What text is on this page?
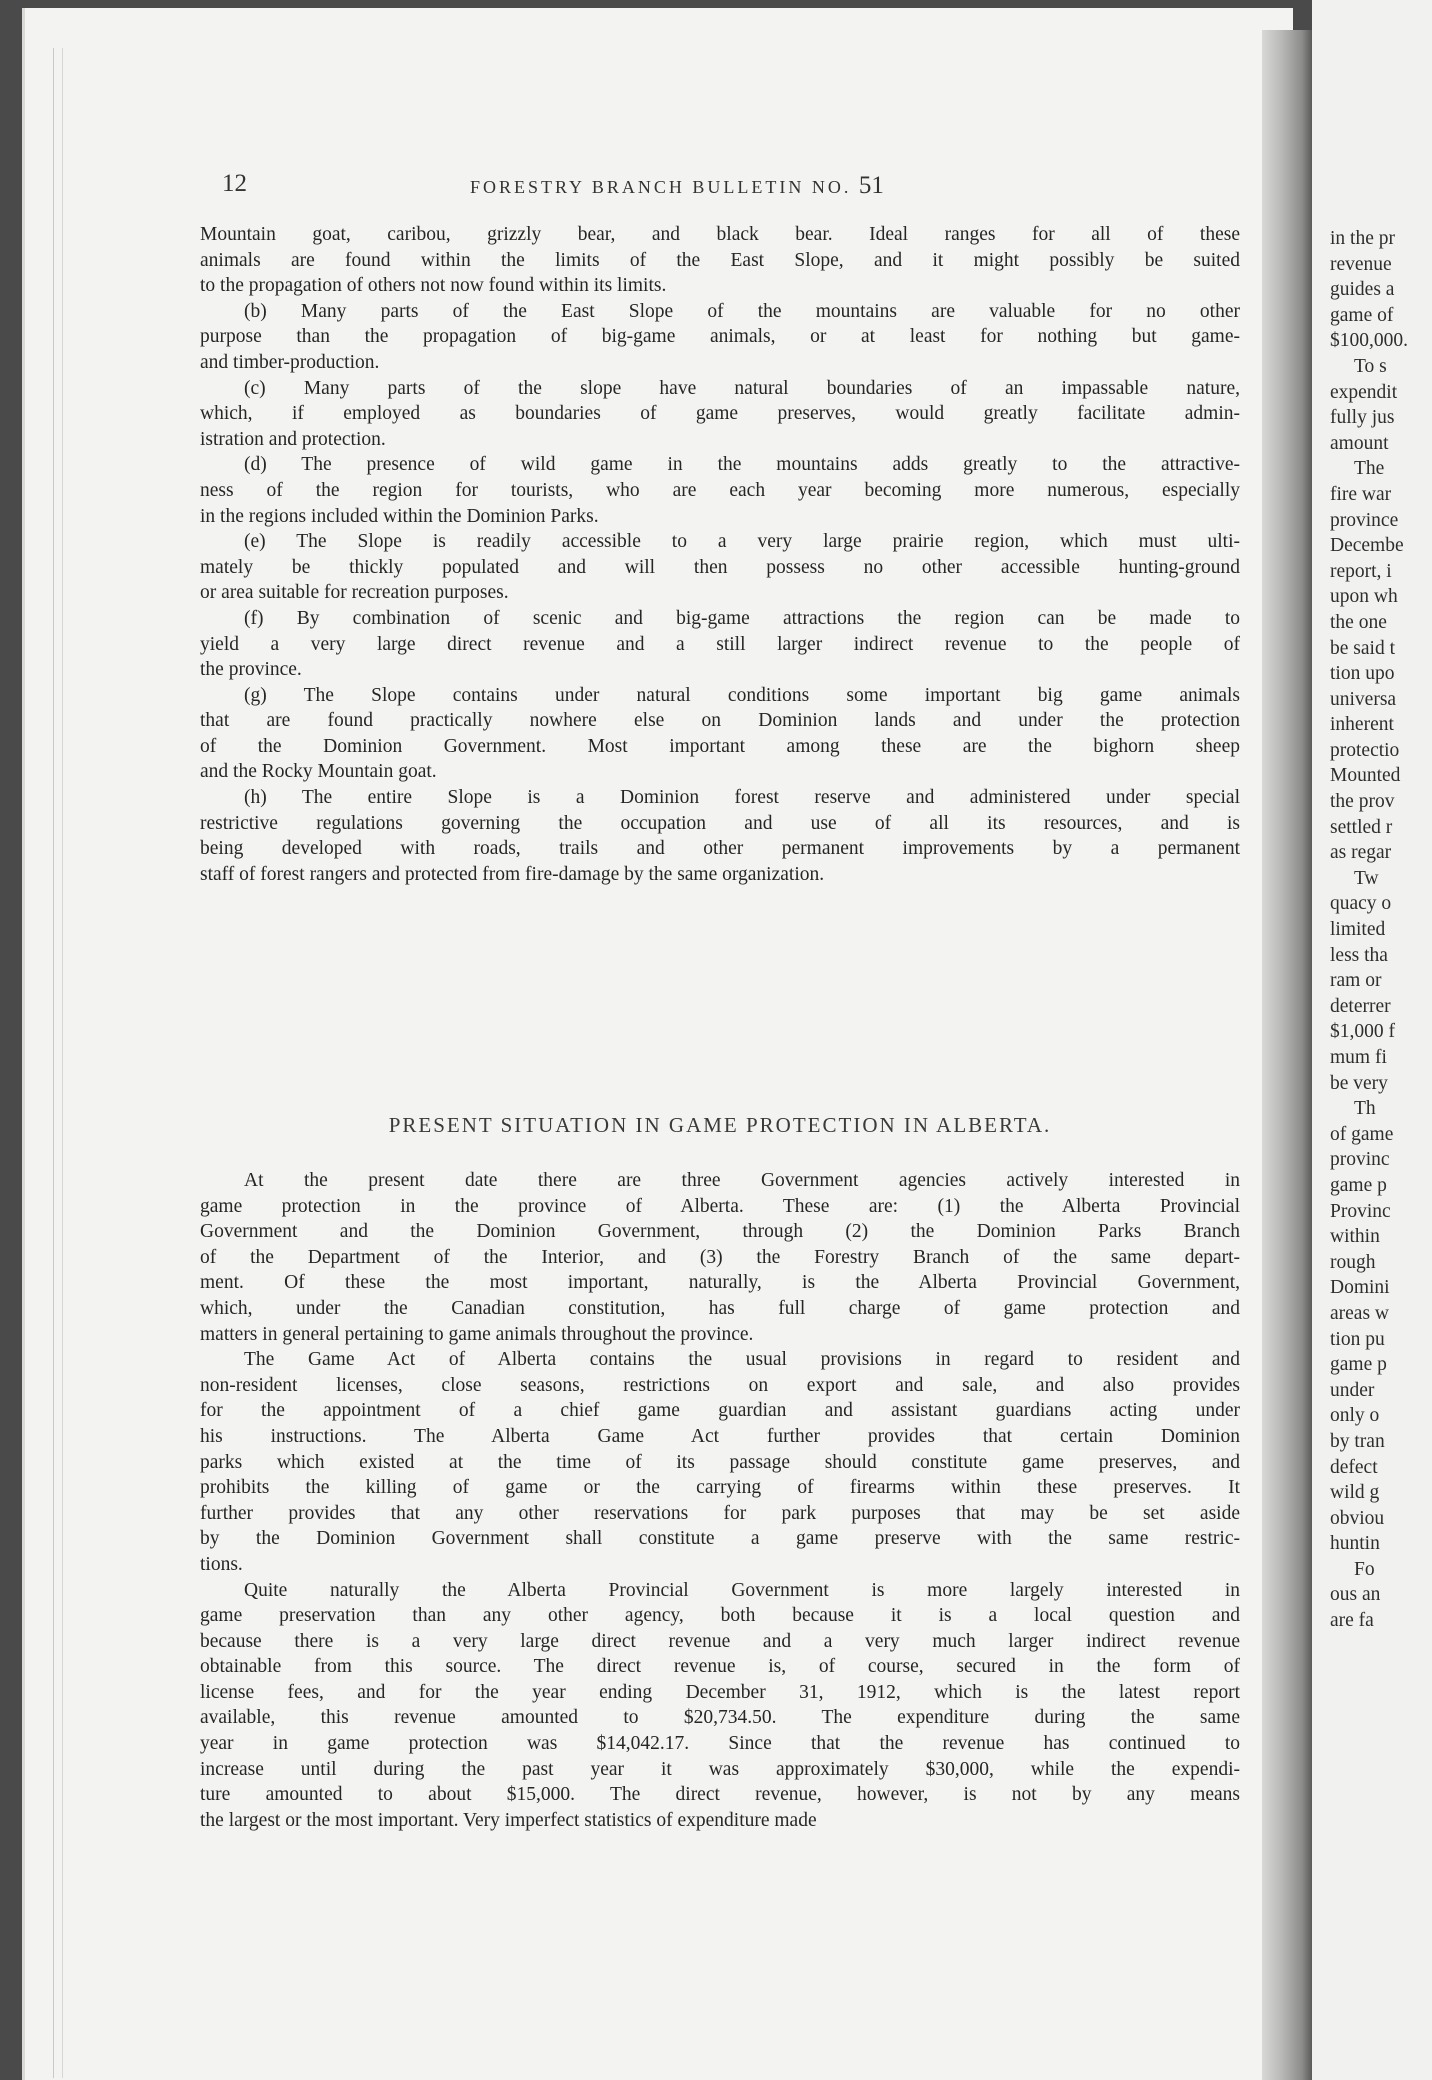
12	FORESTRY BRANCH BULLETIN NO. 51
Mountain goat, caribou, grizzly bear, and black bear. Ideal ranges for all of these
animals are found within the limits of the East Slope, and it might possibly be suited
to the propagation of others not now found within its limits.
(b) Many parts of the East Slope of the mountains are valuable for no other
purpose than the propagation of big-game animals, or at least for nothing but game-
and timber-production.
(c) Many parts of the slope have natural boundaries of an impassable nature,
which, if employed as boundaries of game preserves, would greatly facilitate admin-
istration and protection.
(d) The presence of wild game in the mountains adds greatly to the attractive-
ness of the region for tourists, who are each year becoming more numerous, especially
in the regions included within the Dominion Parks.
(e) The Slope is readily accessible to a very large prairie region, which must ulti-
mately be thickly populated and will then possess no other accessible hunting-ground
or area suitable for recreation purposes.
(f) By combination of scenic and big-game attractions the region can be made to
yield a very large direct revenue and a still larger indirect revenue to the people of
the province.
(g) The Slope contains under natural conditions some important big game animals
that are found practically nowhere else on Dominion lands and under the protection
of the Dominion Government. Most important among these are the bighorn sheep
and the Rocky Mountain goat.
(h) The entire Slope is a Dominion forest reserve and administered under special
restrictive regulations governing the occupation and use of all its resources, and is
being developed with roads, trails and other permanent improvements by a permanent
staff of forest rangers and protected from fire-damage by the same organization.
PRESENT SITUATION IN GAME PROTECTION IN ALBERTA.
At the present date there are three Government agencies actively interested in
game protection in the province of Alberta. These are: (1) the Alberta Provincial
Government and the Dominion Government, through (2) the Dominion Parks Branch
of the Department of the Interior, and (3) the Forestry Branch of the same depart-
ment. Of these the most important, naturally, is the Alberta Provincial Government,
which, under the Canadian constitution, has full charge of game protection and
matters in general pertaining to game animals throughout the province.
The Game Act of Alberta contains the usual provisions in regard to resident and
non-resident licenses, close seasons, restrictions on export and sale, and also provides
for the appointment of a chief game guardian and assistant guardians acting under
his instructions. The Alberta Game Act further provides that certain Dominion
parks which existed at the time of its passage should constitute game preserves, and
prohibits the killing of game or the carrying of firearms within these preserves. It
further provides that any other reservations for park purposes that may be set aside
by the Dominion Government shall constitute a game preserve with the same restric-
tions.
Quite naturally the Alberta Provincial Government is more largely interested in
game preservation than any other agency, both because it is a local question and
because there is a very large direct revenue and a very much larger indirect revenue
obtainable from this source. The direct revenue is, of course, secured in the form of
license fees, and for the year ending December 31, 1912, which is the latest report
available, this revenue amounted to $20,734.50. The expenditure during the same
year in game protection was $14,042.17. Since that the revenue has continued to
increase until during the past year it was approximately $30,000, while the expendi-
ture amounted to about $15,000. The direct revenue, however, is not by any means
the largest or the most important. Very imperfect statistics of expenditure made
in the pr
revenue
guides a
game of
$100,000.
To s
expendit
fully jus
amount
The
fire war
province
Decembe
report, i
upon wh
the one
be said t
tion upo
universa
inherent
protectio
Mounted
the prov
settled r
as regar
Tw
quacy o
limited
less tha
ram or
deterrer
$1,000 f
mum fi
be very
Th
of game
provinc
game p
Provinc
within
rough
Domini
areas w
tion pu
game p
under
only o
by tran
defect
wild g
obviou
huntin
Fo
ous an
are fa
